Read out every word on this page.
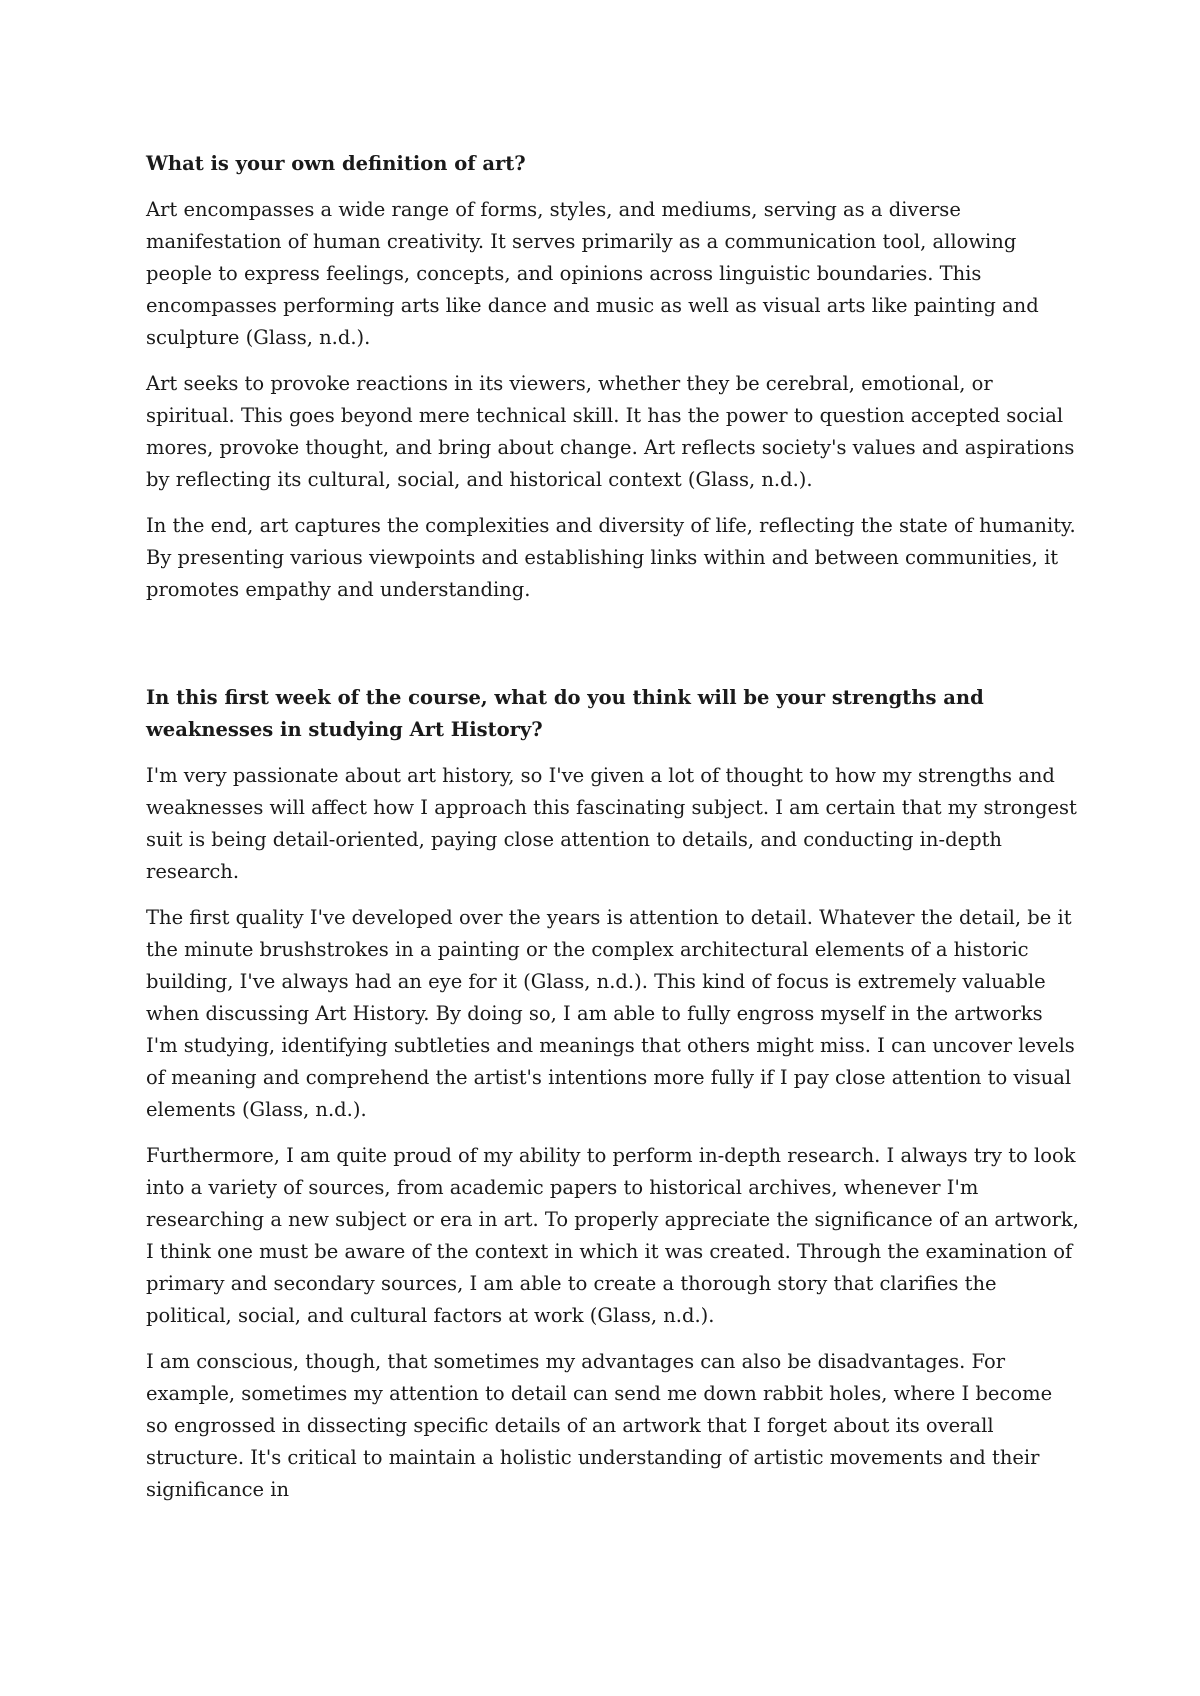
What is your own definition of art?

Art encompasses a wide range of forms, styles, and mediums, serving as a diverse manifestation of human creativity. It serves primarily as a communication tool, allowing people to express feelings, concepts, and opinions across linguistic boundaries. This encompasses performing arts like dance and music as well as visual arts like painting and sculpture (Glass, n.d.).

Art seeks to provoke reactions in its viewers, whether they be cerebral, emotional, or spiritual. This goes beyond mere technical skill. It has the power to question accepted social mores, provoke thought, and bring about change. Art reflects society's values and aspirations by reflecting its cultural, social, and historical context (Glass, n.d.).

In the end, art captures the complexities and diversity of life, reflecting the state of humanity. By presenting various viewpoints and establishing links within and between communities, it promotes empathy and understanding.

In this first week of the course, what do you think will be your strengths and weaknesses in studying Art History?

I'm very passionate about art history, so I've given a lot of thought to how my strengths and weaknesses will affect how I approach this fascinating subject. I am certain that my strongest suit is being detail-oriented, paying close attention to details, and conducting in-depth research.

The first quality I've developed over the years is attention to detail. Whatever the detail, be it the minute brushstrokes in a painting or the complex architectural elements of a historic building, I've always had an eye for it (Glass, n.d.). This kind of focus is extremely valuable when discussing Art History. By doing so, I am able to fully engross myself in the artworks I'm studying, identifying subtleties and meanings that others might miss. I can uncover levels of meaning and comprehend the artist's intentions more fully if I pay close attention to visual elements (Glass, n.d.).

Furthermore, I am quite proud of my ability to perform in-depth research. I always try to look into a variety of sources, from academic papers to historical archives, whenever I'm researching a new subject or era in art. To properly appreciate the significance of an artwork, I think one must be aware of the context in which it was created. Through the examination of primary and secondary sources, I am able to create a thorough story that clarifies the political, social, and cultural factors at work (Glass, n.d.).

I am conscious, though, that sometimes my advantages can also be disadvantages. For example, sometimes my attention to detail can send me down rabbit holes, where I become so engrossed in dissecting specific details of an artwork that I forget about its overall structure. It's critical to maintain a holistic understanding of artistic movements and their significance in
